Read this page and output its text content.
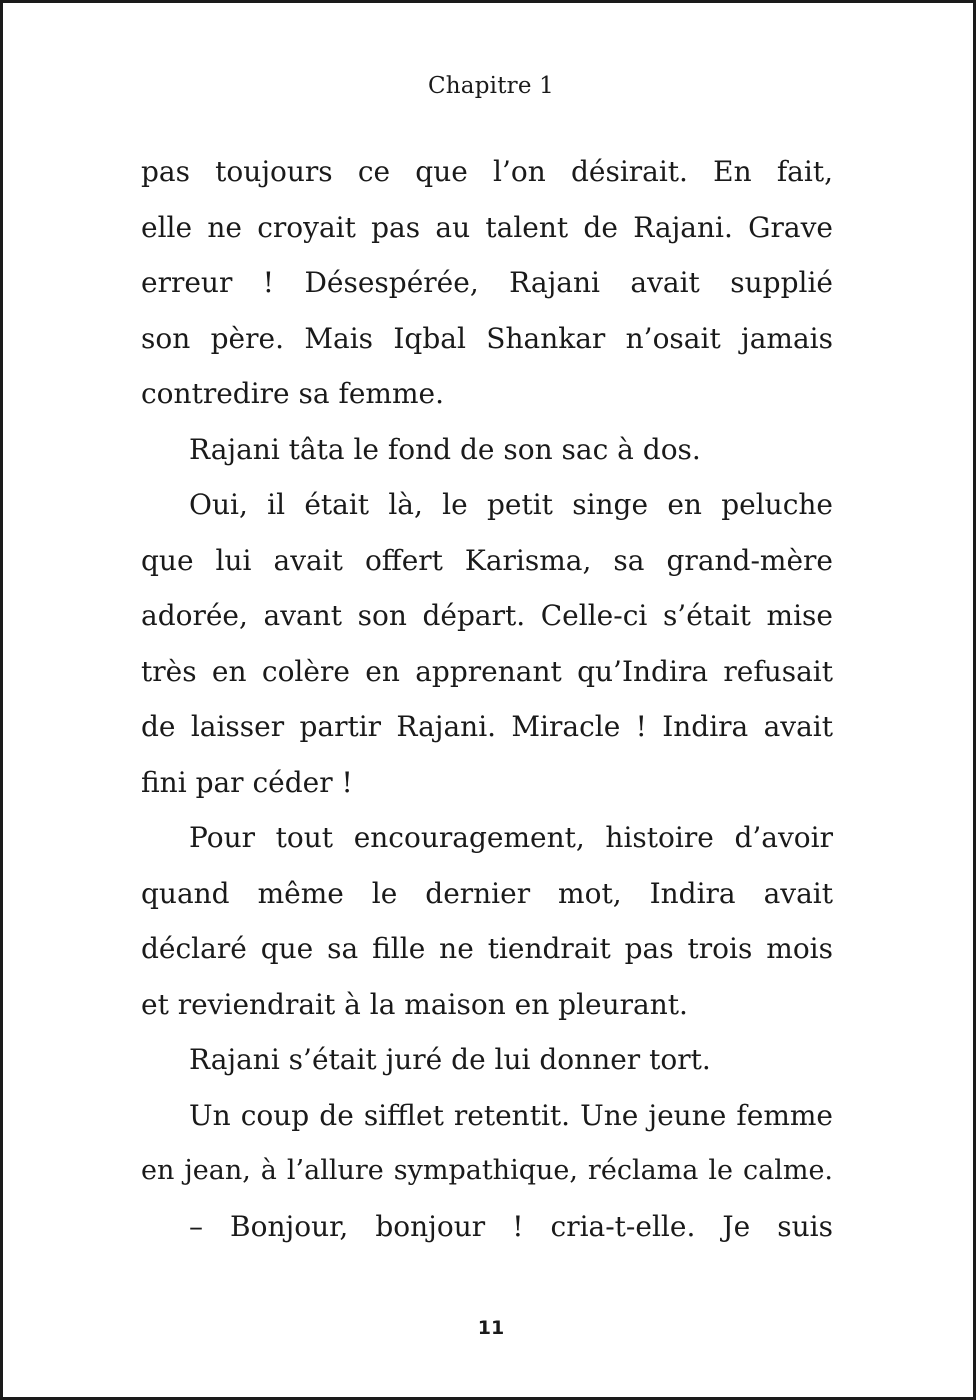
Chapitre 1
pas toujours ce que l’on désirait. En fait,
elle ne croyait pas au talent de Rajani. Grave
erreur ! Désespérée, Rajani avait supplié
son père. Mais Iqbal Shankar n’osait jamais
contredire sa femme.
Rajani tâta le fond de son sac à dos.
Oui, il était là, le petit singe en peluche
que lui avait offert Karisma, sa grand-mère
adorée, avant son départ. Celle-ci s’était mise
très en colère en apprenant qu’Indira refusait
de laisser partir Rajani. Miracle ! Indira avait
fini par céder !
Pour tout encouragement, histoire d’avoir
quand même le dernier mot, Indira avait
déclaré que sa fille ne tiendrait pas trois mois
et reviendrait à la maison en pleurant.
Rajani s’était juré de lui donner tort.
Un coup de sifflet retentit. Une jeune femme
en jean, à l’allure sympathique, réclama le calme.
– Bonjour, bonjour ! cria-t-elle. Je suis
11
